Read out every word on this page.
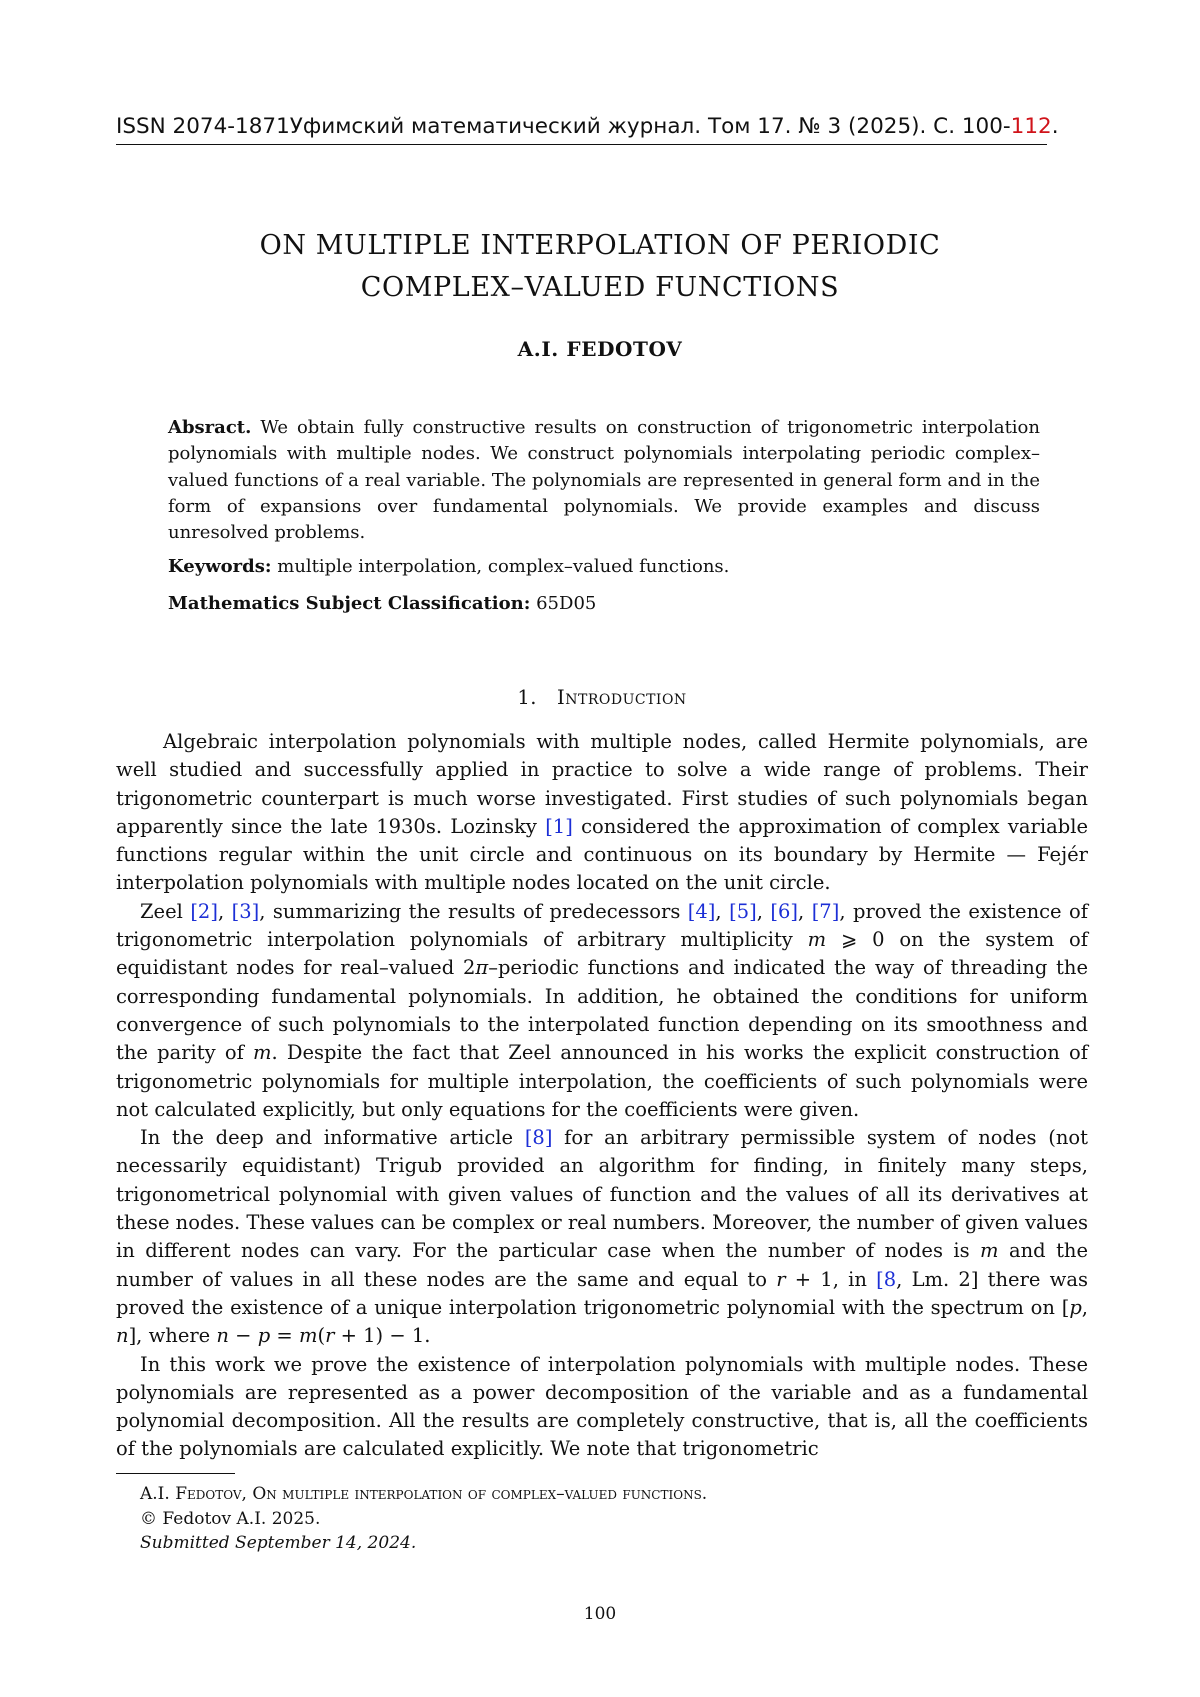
ISSN 2074-1871 Уфимский математический журнал. Том 17. № 3 (2025). С. 100-112.
ON MULTIPLE INTERPOLATION OF PERIODIC
COMPLEX–VALUED FUNCTIONS
A.I. FEDOTOV

Absract. We obtain fully constructive results on construction of trigonometric interpolation polynomials with multiple nodes. We construct polynomials interpolating periodic complex–valued functions of a real variable. The polynomials are represented in general form and in the form of expansions over fundamental polynomials. We provide examples and discuss unresolved problems.

Keywords: multiple interpolation, complex–valued functions.

Mathematics Subject Classification: 65D05

1. Introduction

Algebraic interpolation polynomials with multiple nodes, called Hermite polynomials, are well studied and successfully applied in practice to solve a wide range of problems. Their trigonometric counterpart is much worse investigated. First studies of such polynomials began apparently since the late 1930s. Lozinsky [1] considered the approximation of complex variable functions regular within the unit circle and continuous on its boundary by Hermite — Fejér interpolation polynomials with multiple nodes located on the unit circle.

Zeel [2], [3], summarizing the results of predecessors [4], [5], [6], [7], proved the existence of trigonometric interpolation polynomials of arbitrary multiplicity m ⩾ 0 on the system of equidistant nodes for real–valued 2π–periodic functions and indicated the way of threading the corresponding fundamental polynomials. In addition, he obtained the conditions for uniform convergence of such polynomials to the interpolated function depending on its smoothness and the parity of m. Despite the fact that Zeel announced in his works the explicit construction of trigonometric polynomials for multiple interpolation, the coefficients of such polynomials were not calculated explicitly, but only equations for the coefficients were given.

In the deep and informative article [8] for an arbitrary permissible system of nodes (not necessarily equidistant) Trigub provided an algorithm for finding, in finitely many steps, trigonometrical polynomial with given values of function and the values of all its derivatives at these nodes. These values can be complex or real numbers. Moreover, the number of given values in different nodes can vary. For the particular case when the number of nodes is m and the number of values in all these nodes are the same and equal to r + 1, in [8, Lm. 2] there was proved the existence of a unique interpolation trigonometric polynomial with the spectrum on [p, n], where n − p = m(r + 1) − 1.

In this work we prove the existence of interpolation polynomials with multiple nodes. These polynomials are represented as a power decomposition of the variable and as a fundamental polynomial decomposition. All the results are completely constructive, that is, all the coefficients of the polynomials are calculated explicitly. We note that trigonometric

A.I. Fedotov, On multiple interpolation of complex–valued functions.
© Fedotov A.I. 2025.
Submitted September 14, 2024.
100
